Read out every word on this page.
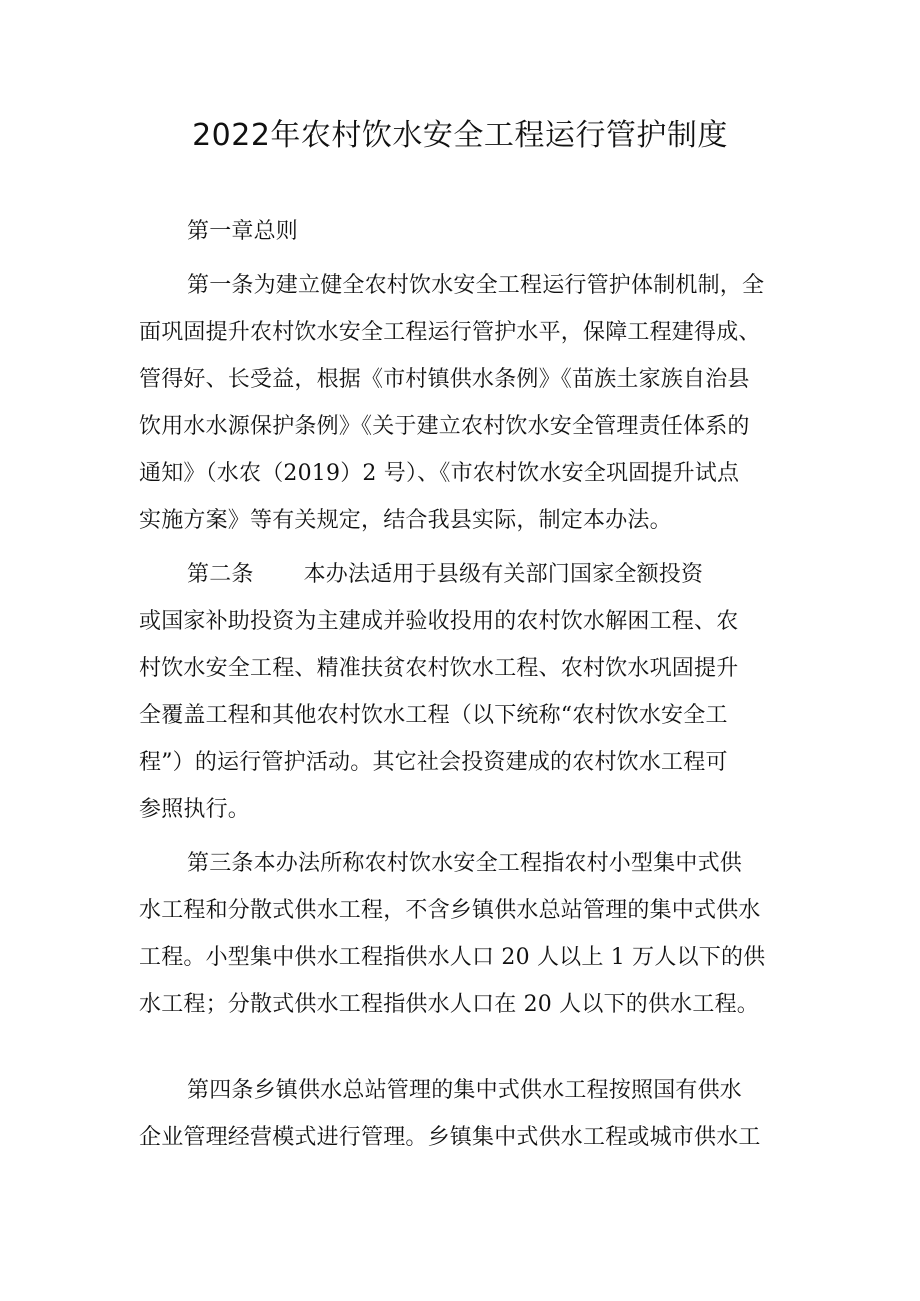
2022年农村饮水安全工程运行管护制度

第一章总则

第一条为建立健全农村饮水安全工程运行管护体制机制，全
面巩固提升农村饮水安全工程运行管护水平，保障工程建得成、
管得好、长受益，根据《市村镇供水条例》《苗族土家族自治县
饮用水水源保护条例》《关于建立农村饮水安全管理责任体系的
通知》（水农（2019）2 号）、《市农村饮水安全巩固提升试点
实施方案》等有关规定，结合我县实际，制定本办法。
第二条 本办法适用于县级有关部门国家全额投资
或国家补助投资为主建成并验收投用的农村饮水解困工程、农
村饮水安全工程、精准扶贫农村饮水工程、农村饮水巩固提升
全覆盖工程和其他农村饮水工程（以下统称“农村饮水安全工
程”）的运行管护活动。其它社会投资建成的农村饮水工程可
参照执行。
第三条本办法所称农村饮水安全工程指农村小型集中式供
水工程和分散式供水工程，不含乡镇供水总站管理的集中式供水
工程。小型集中供水工程指供水人口 20 人以上 1 万人以下的供
水工程；分散式供水工程指供水人口在 20 人以下的供水工程。
第四条乡镇供水总站管理的集中式供水工程按照国有供水
企业管理经营模式进行管理。乡镇集中式供水工程或城市供水工
